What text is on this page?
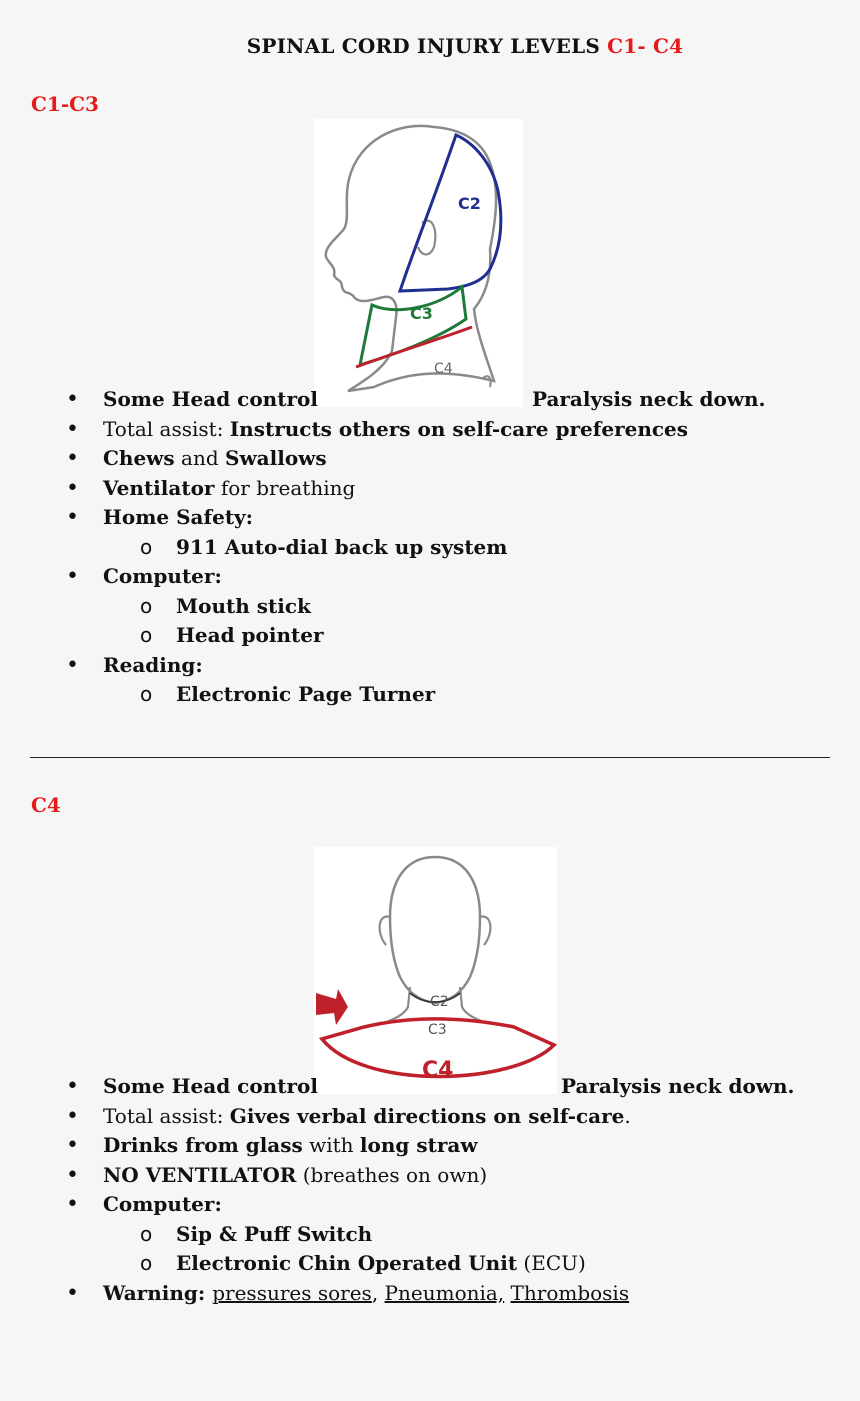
SPINAL CORD INJURY LEVELS C1- C4
C1-C3
C2
C3
C4
• Some Head control	Paralysis neck down.
• Total assist: Instructs others on self-care preferences
• Chews and Swallows
• Ventilator for breathing
• Home Safety:
o 911 Auto-dial back up system
• Computer:
o Mouth stick
o Head pointer
• Reading:
o Electronic Page Turner
C4
C2
C3
C4
• Some Head control	Paralysis neck down.
• Total assist: Gives verbal directions on self-care.
• Drinks from glass with long straw
• NO VENTILATOR (breathes on own)
• Computer:
o Sip & Puff Switch
o Electronic Chin Operated Unit (ECU)
• Warning: pressures sores, Pneumonia, Thrombosis
